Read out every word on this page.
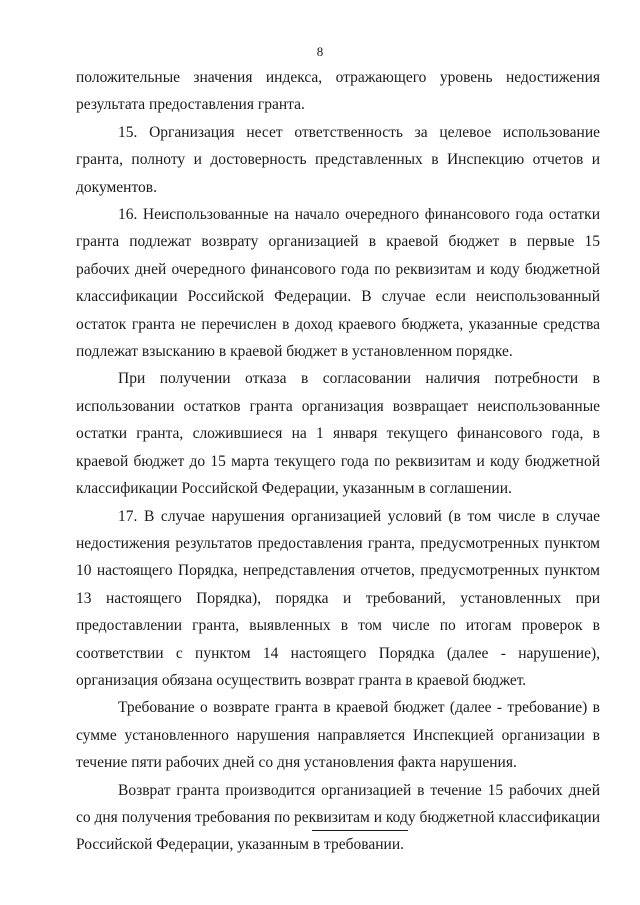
8

положительные значения индекса, отражающего уровень недостижения результата предоставления гранта.

15. Организация несет ответственность за целевое использование гранта, полноту и достоверность представленных в Инспекцию отчетов и документов.

16. Неиспользованные на начало очередного финансового года остатки гранта подлежат возврату организацией в краевой бюджет в первые 15 рабочих дней очередного финансового года по реквизитам и коду бюджетной классификации Российской Федерации. В случае если неиспользованный остаток гранта не перечислен в доход краевого бюджета, указанные средства подлежат взысканию в краевой бюджет в установленном порядке.

При получении отказа в согласовании наличия потребности в использовании остатков гранта организация возвращает неиспользованные остатки гранта, сложившиеся на 1 января текущего финансового года, в краевой бюджет до 15 марта текущего года по реквизитам и коду бюджетной классификации Российской Федерации, указанным в соглашении.

17. В случае нарушения организацией условий (в том числе в случае недостижения результатов предоставления гранта, предусмотренных пунктом 10 настоящего Порядка, непредставления отчетов, предусмотренных пунктом 13 настоящего Порядка), порядка и требований, установленных при предоставлении гранта, выявленных в том числе по итогам проверок в соответствии с пунктом 14 настоящего Порядка (далее - нарушение), организация обязана осуществить возврат гранта в краевой бюджет.

Требование о возврате гранта в краевой бюджет (далее - требование) в сумме установленного нарушения направляется Инспекцией организации в течение пяти рабочих дней со дня установления факта нарушения.

Возврат гранта производится организацией в течение 15 рабочих дней со дня получения требования по реквизитам и коду бюджетной классификации Российской Федерации, указанным в требовании.
